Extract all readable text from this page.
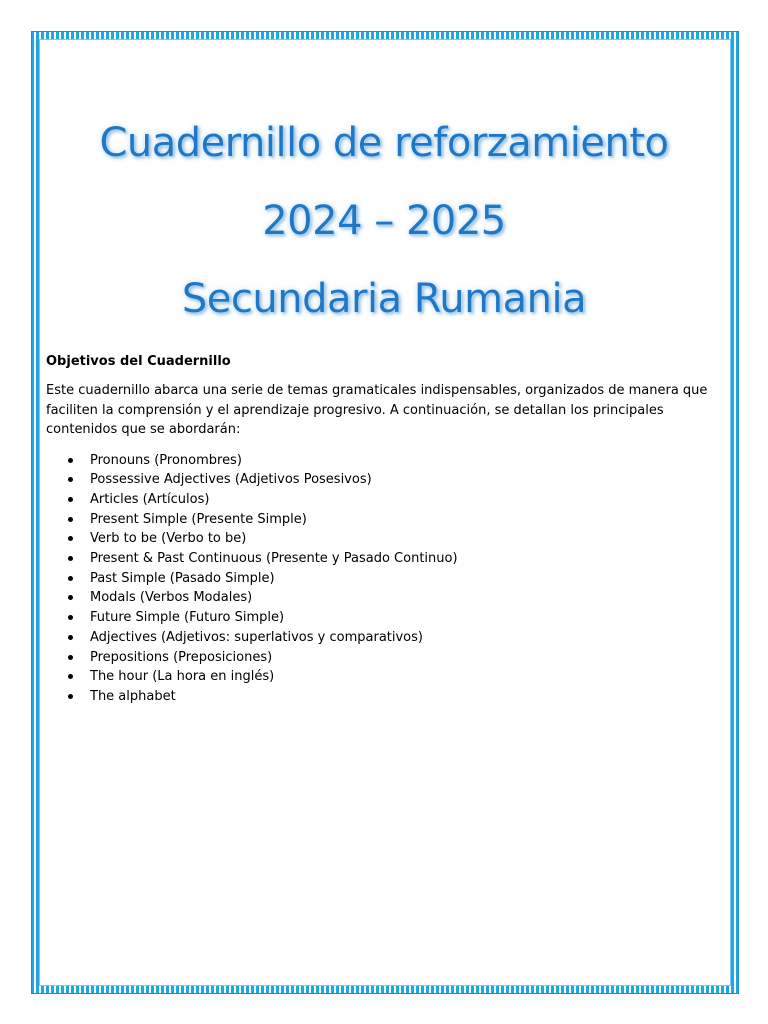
Cuadernillo de reforzamiento
2024 – 2025
Secundaria Rumania

Objetivos del Cuadernillo

Este cuadernillo abarca una serie de temas gramaticales indispensables, organizados de manera que faciliten la comprensión y el aprendizaje progresivo. A continuación, se detallan los principales contenidos que se abordarán:

Pronouns (Pronombres)
Possessive Adjectives (Adjetivos Posesivos)
Articles (Artículos)
Present Simple (Presente Simple)
Verb to be (Verbo to be)
Present & Past Continuous (Presente y Pasado Continuo)
Past Simple (Pasado Simple)
Modals (Verbos Modales)
Future Simple (Futuro Simple)
Adjectives (Adjetivos: superlativos y comparativos)
Prepositions (Preposiciones)
The hour (La hora en inglés)
The alphabet
